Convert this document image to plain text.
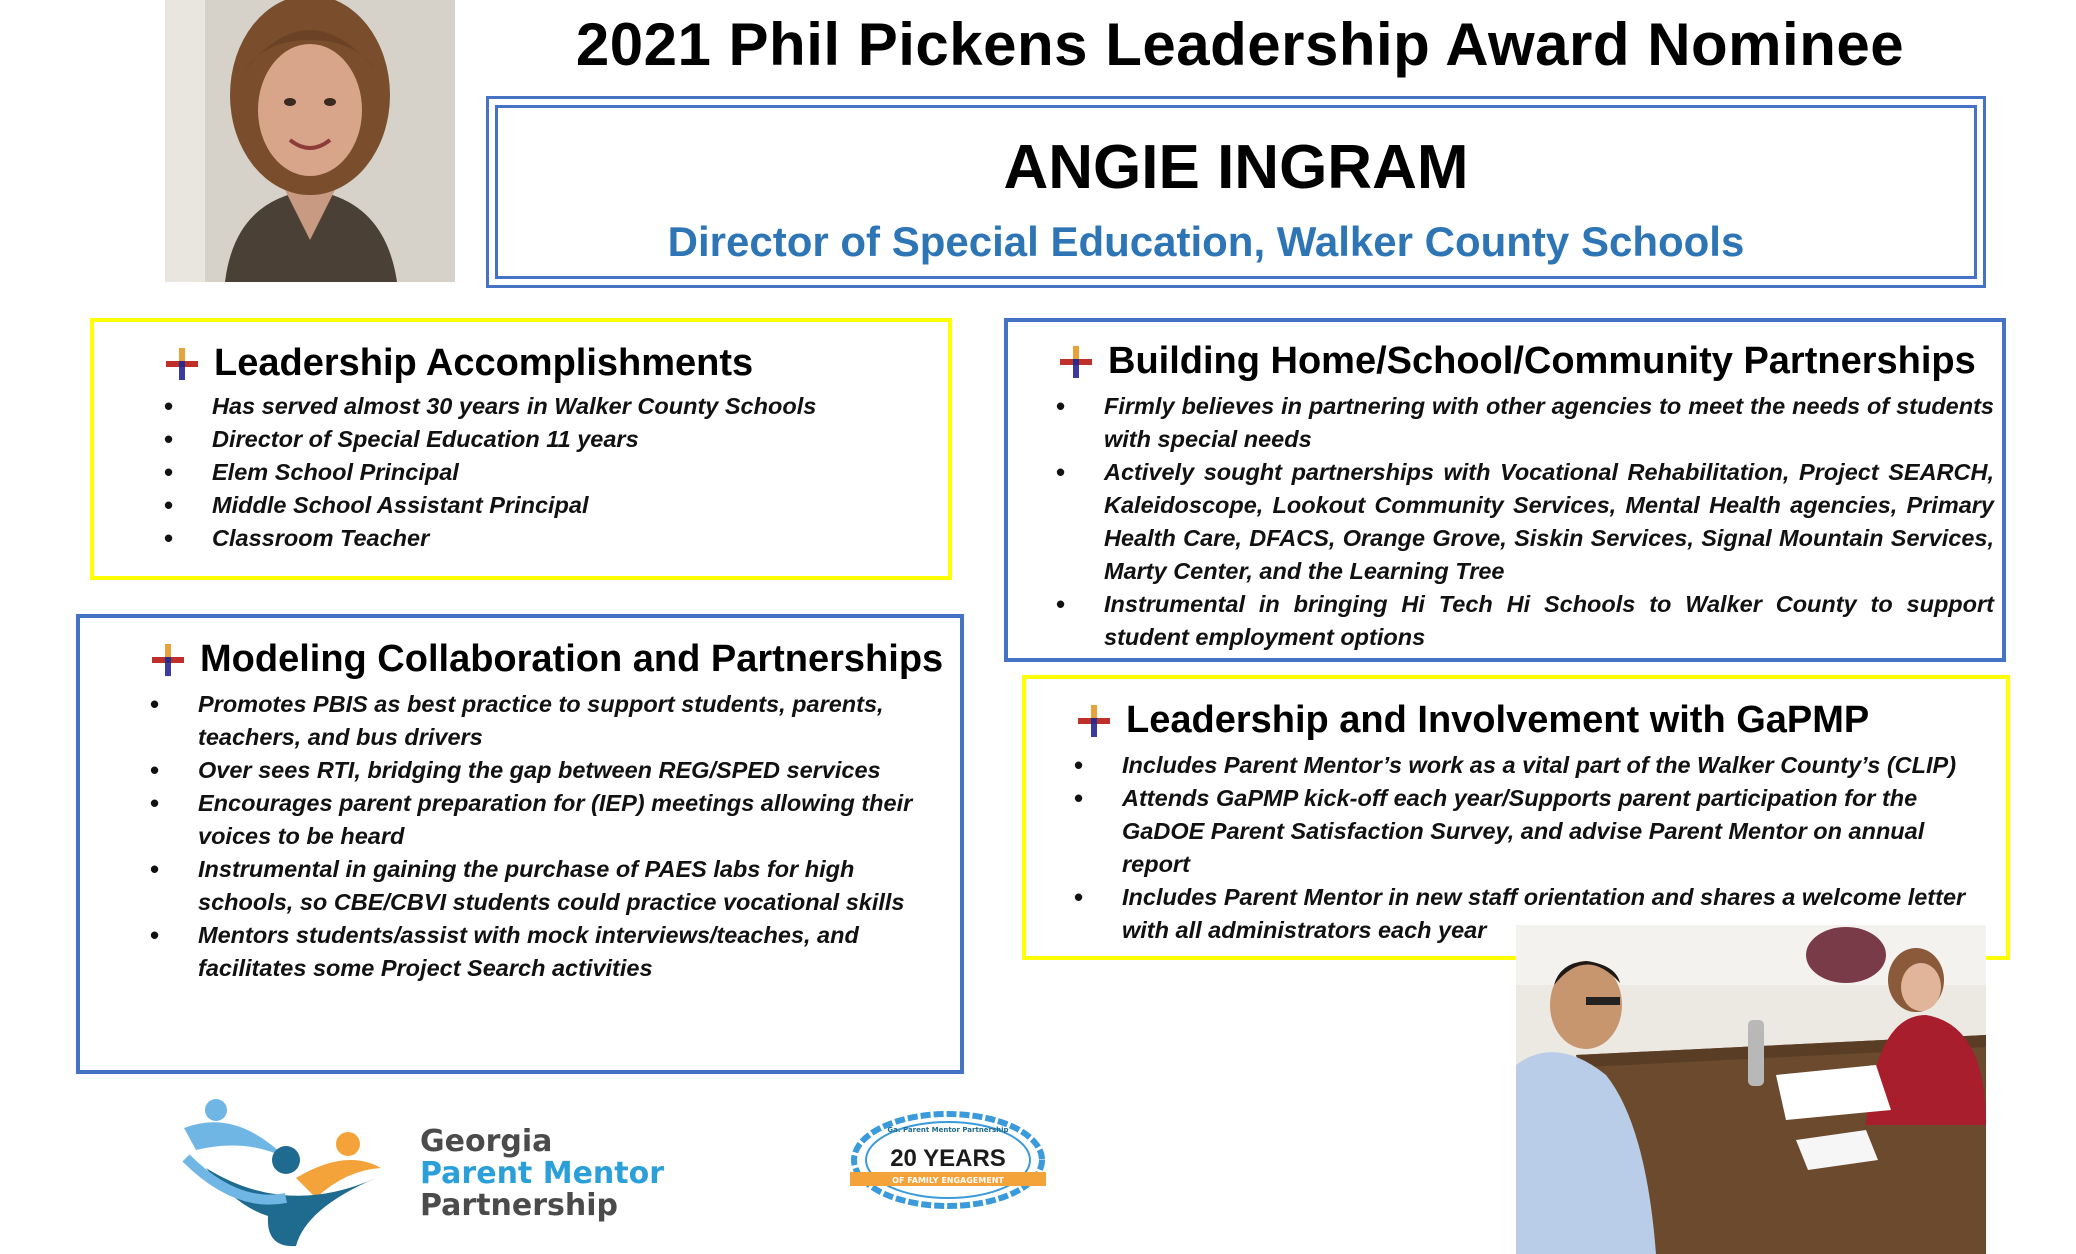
2021 Phil Pickens Leadership Award Nominee
ANGIE INGRAM
Director of Special Education, Walker County Schools
Leadership Accomplishments
• Has served almost 30 years in Walker County Schools
• Director of Special Education 11 years
• Elem School Principal
• Middle School Assistant Principal
• Classroom Teacher
Building Home/School/Community Partnerships
• Firmly believes in partnering with other agencies to meet the needs of students with special needs
• Actively sought partnerships with Vocational Rehabilitation, Project SEARCH, Kaleidoscope, Lookout Community Services, Mental Health agencies, Primary Health Care, DFACS, Orange Grove, Siskin Services, Signal Mountain Services, Marty Center, and the Learning Tree
• Instrumental in bringing Hi Tech Hi Schools to Walker County to support student employment options
Modeling Collaboration and Partnerships
• Promotes PBIS as best practice to support students, parents, teachers, and bus drivers
• Over sees RTI, bridging the gap between REG/SPED services
• Encourages parent preparation for (IEP) meetings allowing their voices to be heard
• Instrumental in gaining the purchase of PAES labs for high schools, so CBE/CBVI students could practice vocational skills
• Mentors students/assist with mock interviews/teaches, and facilitates some Project Search activities
Leadership and Involvement with GaPMP
• Includes Parent Mentor’s work as a vital part of the Walker County’s (CLIP)
• Attends GaPMP kick-off each year/Supports parent participation for the GaDOE Parent Satisfaction Survey, and advise Parent Mentor on annual report
• Includes Parent Mentor in new staff orientation and shares a welcome letter with all administrators each year
Georgia
Parent Mentor
Partnership
Ga. Parent Mentor Partnership
20 YEARS
OF FAMILY ENGAGEMENT
